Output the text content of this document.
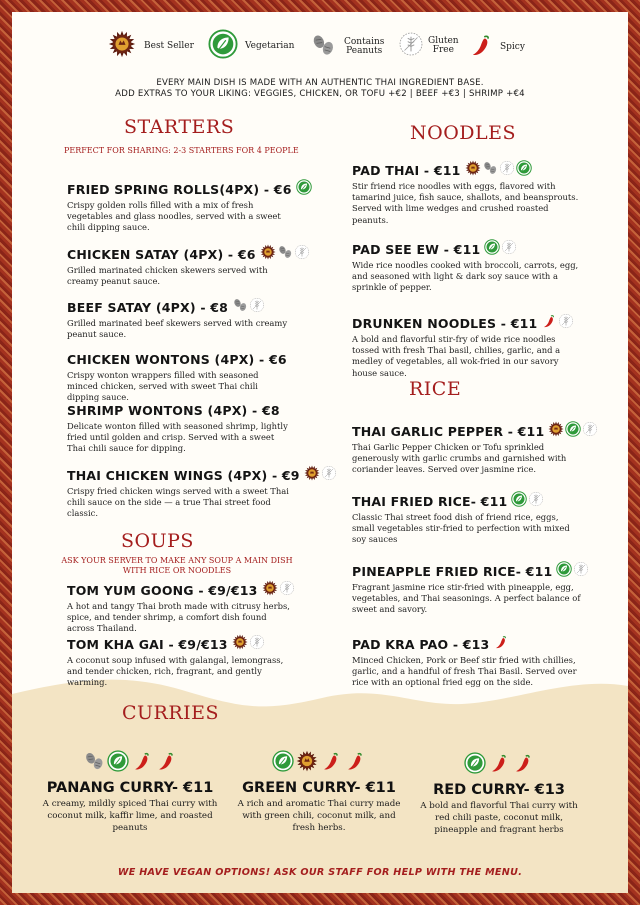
Best Seller	Vegetarian	Contains
Peanuts
Gluten
Free	Spicy
EVERY MAIN DISH IS MADE WITH AN AUTHENTIC THAI INGREDIENT BASE.
ADD EXTRAS TO YOUR LIKING: VEGGIES, CHICKEN, OR TOFU +€2 | BEEF +€3 | SHRIMP +€4
STARTERS
PERFECT FOR SHARING: 2-3 STARTERS FOR 4 PEOPLE
SOUPS
ASK YOUR SERVER TO MAKE ANY SOUP A MAIN DISH
WITH RICE OR NOODLES
NOODLES
RICE
CURRIES
WE HAVE VEGAN OPTIONS! ASK OUR STAFF FOR HELP WITH THE MENU.
FRIED SPRING ROLLS(4PX) - €6
Crispy golden rolls filled with a mix of fresh vegetables and glass noodles, served with a sweet chili dipping sauce.
CHICKEN SATAY (4PX) - €6
Grilled marinated chicken skewers served with creamy peanut sauce.
BEEF SATAY (4PX) - €8
Grilled marinated beef skewers served with creamy peanut sauce.
CHICKEN WONTONS (4PX) - €6
Crispy wonton wrappers filled with seasoned minced chicken, served with sweet Thai chili dipping sauce.
SHRIMP WONTONS (4PX) - €8
Delicate wonton filled with seasoned shrimp, lightly fried until golden and crisp. Served with a sweet Thai chili sauce for dipping.
THAI CHICKEN WINGS (4PX) - €9
Crispy fried chicken wings served with a sweet Thai chili sauce on the side — a true Thai street food classic.
TOM YUM GOONG - €9/€13
A hot and tangy Thai broth made with citrusy herbs, spice, and tender shrimp, a comfort dish found across Thailand.
TOM KHA GAI - €9/€13
A coconut soup infused with galangal, lemongrass, and tender chicken, rich, fragrant, and gently warming.
PAD THAI - €11
Stir friend rice noodles with eggs, flavored with tamarind juice, fish sauce, shallots, and beansprouts. Served with lime wedges and crushed roasted peanuts.
PAD SEE EW - €11
Wide rice noodles cooked with broccoli, carrots, egg, and seasoned with light & dark soy sauce with a sprinkle of pepper.
DRUNKEN NOODLES - €11
A bold and flavorful stir-fry of wide rice noodles tossed with fresh Thai basil, chilies, garlic, and a medley of vegetables, all wok-fried in our savory house sauce.
THAI GARLIC PEPPER - €11
Thai Garlic Pepper Chicken or Tofu sprinkled generously with garlic crumbs and garnished with coriander leaves. Served over jasmine rice.
THAI FRIED RICE- €11
Classic Thai street food dish of friend rice, eggs, small vegetables stir-fried to perfection with mixed soy sauces
PINEAPPLE FRIED RICE- €11
Fragrant jasmine rice stir-fried with pineapple, egg, vegetables, and Thai seasonings. A perfect balance of sweet and savory.
PAD KRA PAO - €13
Minced Chicken, Pork or Beef stir fried with chillies, garlic, and a handful of fresh Thai Basil. Served over rice with an optional fried egg on the side.
PANANG CURRY- €11
A creamy, mildly spiced Thai curry with coconut milk, kaffir lime, and roasted peanuts
GREEN CURRY- €11
A rich and aromatic Thai curry made with green chili, coconut milk, and fresh herbs.
RED CURRY- €13
A bold and flavorful Thai curry with red chili paste, coconut milk, pineapple and fragrant herbs
